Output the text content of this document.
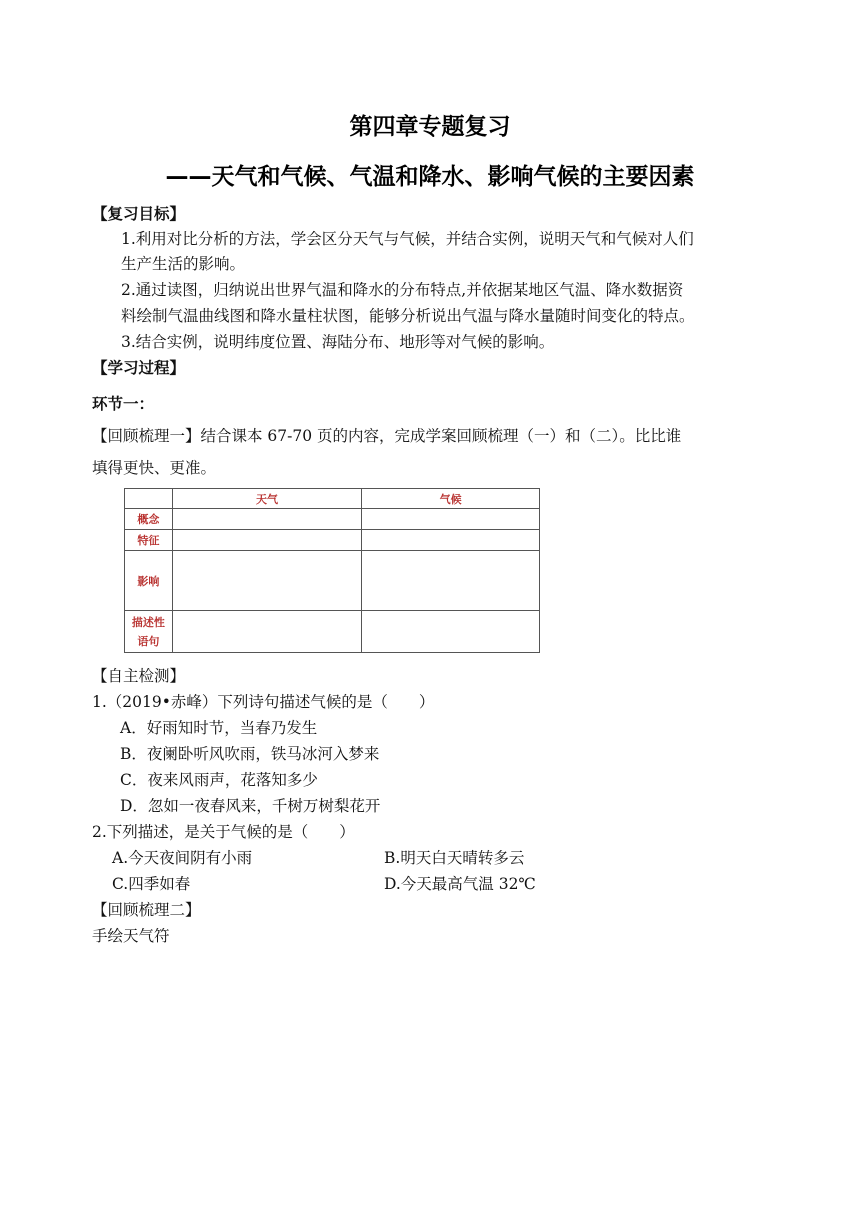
第四章专题复习
——天气和气候、气温和降水、影响气候的主要因素
【复习目标】
1.利用对比分析的方法，学会区分天气与气候，并结合实例，说明天气和气候对人们
生产生活的影响。
2.通过读图，归纳说出世界气温和降水的分布特点,并依据某地区气温、降水数据资
料绘制气温曲线图和降水量柱状图，能够分析说出气温与降水量随时间变化的特点。
3.结合实例，说明纬度位置、海陆分布、地形等对气候的影响。
【学习过程】
环节一：
【回顾梳理一】结合课本 67-70 页的内容，完成学案回顾梳理（一）和（二）。比比谁
填得更快、更准。
	天气	气候
概念		
特征		
影响		

描述性
语句		

【自主检测】
1.（2019•赤峰）下列诗句描述气候的是（　　）
A．好雨知时节，当春乃发生
B．夜阑卧听风吹雨，铁马冰河入梦来
C．夜来风雨声，花落知多少
D．忽如一夜春风来，千树万树梨花开
2.下列描述，是关于气候的是（　　）
A.今天夜间阴有小雨	B.明天白天晴转多云
C.四季如春	D.今天最高气温 32℃
【回顾梳理二】
手绘天气符
